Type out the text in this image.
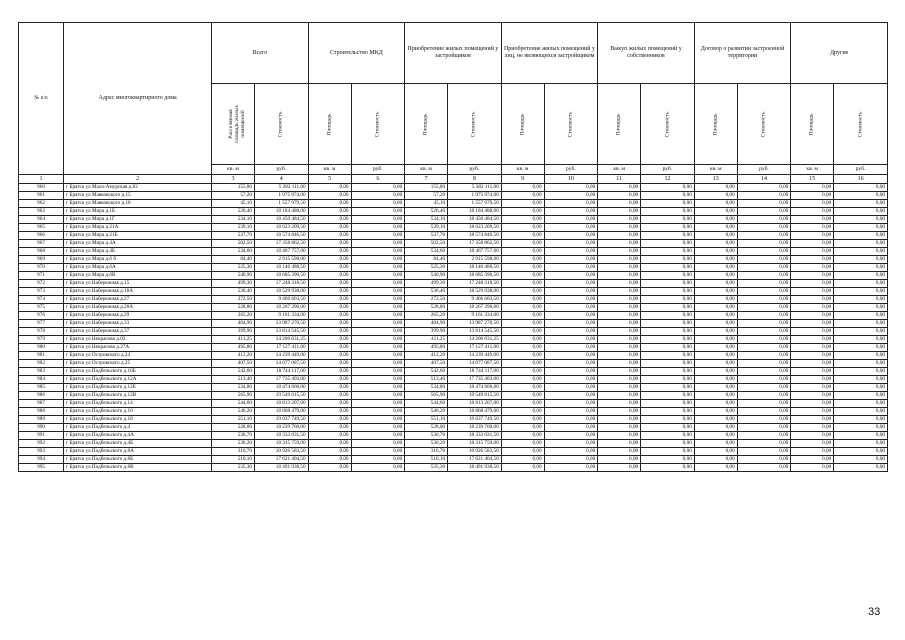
№ п/п	Адрес многоквартирного дома	Всего		Строительство МКД		Приобретение жилых помещений у застройщиков		Приобретение жилых помещений у лиц, не являющихся застройщиком		Выкуп жилых помещений у собственников		Договор о развитии застроенной территории		Другие	
		Расселяемая площадь жилых помещений	Стоимость	Площадь	Стоимость	Площадь	Стоимость	Площадь	Стоимость	Площадь	Стоимость	Площадь	Стоимость	Площадь	Стоимость
		кв. м	руб.	кв. м	руб.	кв. м	руб.	кв. м	руб.	кв. м	руб.	кв. м	руб.	кв. м	руб.
1	2	3	4	5	6	7	8	9	10	11	12	13	14	15	16
960	г Братск ул Мало-Амурская д.62	155,80	5 382 111,00	0,00	0,00	155,80	5 382 111,00	0,00	0,00	0,00	0,00	0,00	0,00	0,00	0,00
961	г Братск ул Маяковского д.15	57,20	1 975 974,00	0,00	0,00	57,20	1 975 974,00	0,00	0,00	0,00	0,00	0,00	0,00	0,00	0,00
962	г Братск ул Маяковского д.18	45,10	1 557 979,50	0,00	0,00	45,10	1 557 979,50	0,00	0,00	0,00	0,00	0,00	0,00	0,00	0,00
963	г Братск ул Мира д.1Б	526,40	18 184 488,00	0,00	0,00	526,40	18 184 488,00	0,00	0,00	0,00	0,00	0,00	0,00	0,00	0,00
964	г Братск ул Мира д.1Г	534,10	18 450 484,50	0,00	0,00	534,10	18 450 484,50	0,00	0,00	0,00	0,00	0,00	0,00	0,00	0,00
965	г Братск ул Мира д.21А	539,10	18 623 209,50	0,00	0,00	539,10	18 623 209,50	0,00	0,00	0,00	0,00	0,00	0,00	0,00	0,00
966	г Братск ул Мира д.21Б	537,70	18 574 846,50	0,00	0,00	537,70	18 574 846,50	0,00	0,00	0,00	0,00	0,00	0,00	0,00	0,00
967	г Братск ул Мира д.4А	502,50	17 358 862,50	0,00	0,00	502,50	17 358 862,50	0,00	0,00	0,00	0,00	0,00	0,00	0,00	0,00
968	г Братск ул Мира д.4Б	534,60	18 467 757,00	0,00	0,00	534,60	18 467 757,00	0,00	0,00	0,00	0,00	0,00	0,00	0,00	0,00
969	г Братск ул Мира д.6 б	84,40	2 915 598,00	0,00	0,00	84,40	2 915 598,00	0,00	0,00	0,00	0,00	0,00	0,00	0,00	0,00
970	г Братск ул Мира д.6А	525,30	18 146 488,50	0,00	0,00	525,30	18 146 488,50	0,00	0,00	0,00	0,00	0,00	0,00	0,00	0,00
971	г Братск ул Мира д.6В	540,90	18 685 390,50	0,00	0,00	540,90	18 685 390,50	0,00	0,00	0,00	0,00	0,00	0,00	0,00	0,00
972	г Братск ул Набережная д.15	499,30	17 248 318,50	0,00	0,00	499,30	17 248 318,50	0,00	0,00	0,00	0,00	0,00	0,00	0,00	0,00
973	г Братск ул Набережная д.18А	536,40	18 529 938,00	0,00	0,00	536,40	18 529 938,00	0,00	0,00	0,00	0,00	0,00	0,00	0,00	0,00
974	г Братск ул Набережная д.27	272,50	9 466 603,50	0,00	0,00	272,50	9 466 603,50	0,00	0,00	0,00	0,00	0,00	0,00	0,00	0,00
975	г Братск ул Набережная д.28А	528,80	18 267 396,00	0,00	0,00	528,80	18 267 396,00	0,00	0,00	0,00	0,00	0,00	0,00	0,00	0,00
976	г Братск ул Набережная д.29	265,20	9 161 334,00	0,00	0,00	265,20	9 161 334,00	0,00	0,00	0,00	0,00	0,00	0,00	0,00	0,00
977	г Братск ул Набережная д.33	404,90	13 987 270,50	0,00	0,00	404,90	13 987 270,50	0,00	0,00	0,00	0,00	0,00	0,00	0,00	0,00
978	г Братск ул Набережная д.37	399,90	13 814 545,50	0,00	0,00	399,90	13 814 545,50	0,00	0,00	0,00	0,00	0,00	0,00	0,00	0,00
979	г Братск ул Некрасова д.03	411,25	14 206 631,25	0,00	0,00	411,25	14 206 631,25	0,00	0,00	0,00	0,00	0,00	0,00	0,00	0,00
980	г Братск ул Некрасова д.27А	495,80	17 127 411,00	0,00	0,00	495,80	17 127 411,00	0,00	0,00	0,00	0,00	0,00	0,00	0,00	0,00
981	г Братск ул Островского д.24	412,20	14 239 449,00	0,00	0,00	412,20	14 239 449,00	0,00	0,00	0,00	0,00	0,00	0,00	0,00	0,00
982	г Братск ул Островского д.25	407,50	14 077 087,50	0,00	0,00	407,50	14 077 087,50	0,00	0,00	0,00	0,00	0,00	0,00	0,00	0,00
983	г Братск ул Подбельского д.10Б	542,60	18 744 117,00	0,00	0,00	542,60	18 744 117,00	0,00	0,00	0,00	0,00	0,00	0,00	0,00	0,00
984	г Братск ул Подбельского д.12А	513,40	17 735 403,00	0,00	0,00	513,40	17 735 403,00	0,00	0,00	0,00	0,00	0,00	0,00	0,00	0,00
985	г Братск ул Подбельского д.12Б	534,80	18 474 666,00	0,00	0,00	534,80	18 474 666,00	0,00	0,00	0,00	0,00	0,00	0,00	0,00	0,00
986	г Братск ул Подбельского д.12В	565,90	19 549 015,50	0,00	0,00	565,90	19 549 015,50	0,00	0,00	0,00	0,00	0,00	0,00	0,00	0,00
987	г Братск ул Подбельского д.14	544,60	18 813 207,00	0,00	0,00	544,60	18 813 207,00	0,00	0,00	0,00	0,00	0,00	0,00	0,00	0,00
988	г Братск ул Подбельского д.16	546,20	18 868 479,00	0,00	0,00	546,20	18 868 479,00	0,00	0,00	0,00	0,00	0,00	0,00	0,00	0,00
989	г Братск ул Подбельского д.18	551,10	19 037 749,50	0,00	0,00	551,10	19 037 749,50	0,00	0,00	0,00	0,00	0,00	0,00	0,00	0,00
990	г Братск ул Подбельского д.4	528,00	18 239 760,00	0,00	0,00	528,00	18 239 760,00	0,00	0,00	0,00	0,00	0,00	0,00	0,00	0,00
991	г Братск ул Подбельского д.4А	530,70	18 333 031,50	0,00	0,00	530,70	18 333 031,50	0,00	0,00	0,00	0,00	0,00	0,00	0,00	0,00
992	г Братск ул Подбельского д.4Б	530,20	18 315 759,00	0,00	0,00	530,20	18 315 759,00	0,00	0,00	0,00	0,00	0,00	0,00	0,00	0,00
993	г Братск ул Подбельского д.8А	316,70	10 926 583,50	0,00	0,00	316,70	10 926 583,50	0,00	0,00	0,00	0,00	0,00	0,00	0,00	0,00
994	г Братск ул Подбельского д.8Б	510,10	17 621 404,50	0,00	0,00	510,10	17 621 404,50	0,00	0,00	0,00	0,00	0,00	0,00	0,00	0,00
995	г Братск ул Подбельского д.8В	535,30	18 491 938,50	0,00	0,00	535,30	18 491 938,50	0,00	0,00	0,00	0,00	0,00	0,00	0,00	0,00
33
